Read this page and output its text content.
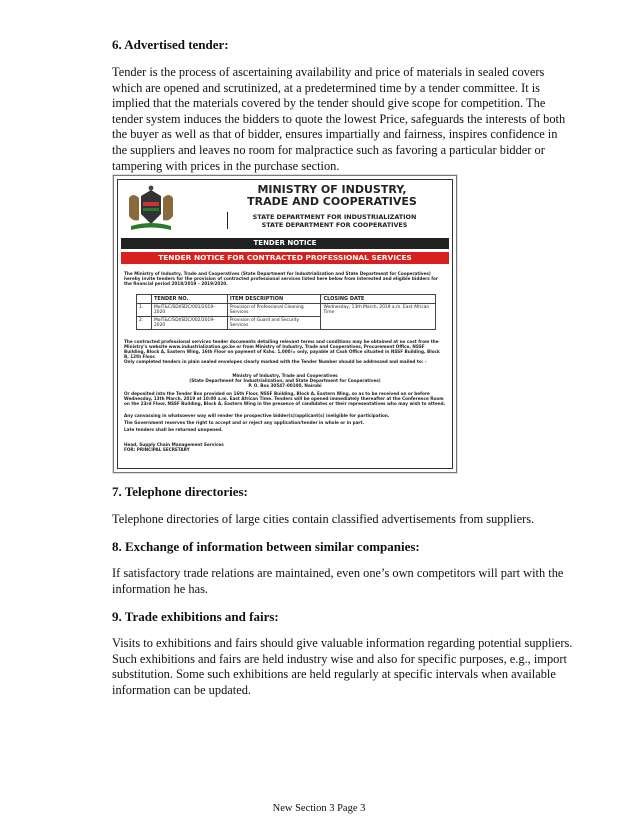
6. Advertised tender:

Tender is the process of ascertaining availability and price of materials in sealed covers which are opened and scrutinized, at a predetermined time by a tender committee. It is implied that the materials covered by the tender should give scope for competition. The tender system induces the bidders to quote the lowest Price, safeguards the interests of both the buyer as well as that of bidder, ensures impartially and fairness, inspires confidence in the suppliers and leaves no room for malpractice such as favoring a particular bidder or tampering with prices in the purchase section.

MINISTRY OF INDUSTRY,
TRADE AND COOPERATIVES
STATE DEPARTMENT FOR INDUSTRIALIZATION
STATE DEPARTMENT FOR COOPERATIVES
TENDER NOTICE
TENDER NOTICE FOR CONTRACTED PROFESSIONAL SERVICES

The Ministry of Industry, Trade and Cooperatives (State Department for Industrialization and State Department for Cooperatives) hereby invite tenders for the provision of contracted professional services listed here below from interested and eligible bidders for the financial period 2018/2019 – 2019/2020.

	TENDER NO.	ITEM DESCRIPTION	CLOSING DATE
1.	MoIT&C/SDI/SDC/001/2019-2020	Provision of Professional Cleaning Services	Wednesday, 13th March, 2019 a.m. East African Time
2.	MoIT&C/SDI/SDC/002/2019-2020	Provision of Guard and Security Services	

The contracted professional services tender documents detailing relevant terms and conditions may be obtained at no cost from the Ministry’s website www.industrialization.go.ke or from Ministry of Industry, Trade and Cooperatives, Procurement Office, NSSF Building, Block A, Eastern Wing, 16th Floor on payment of Kshs. 1,000/= only, payable at Cash Office situated in NSSF Building, Block B, 12th Floor.

Only completed tenders in plain sealed envelopes clearly marked with the Tender Number should be addressed and mailed to: -

Ministry of Industry, Trade and Cooperatives
(State Department for Industrialization, and State Department for Cooperatives)
P. O. Box 30547-00100, Nairobi

Or deposited into the Tender Box provided on 16th Floor, NSSF Building, Block A, Eastern Wing, so as to be received on or before Wednesday, 13th March, 2019 at 10:00 a.m. East African Time. Tenders will be opened immediately thereafter at the Conference Room on the 23rd Floor, NSSF Building, Block A, Eastern Wing in the presence of candidates or their representatives who may wish to attend.

Any canvassing in whatsoever way will render the prospective bidder(s)/applicant(s) ineligible for participation.

The Government reserves the right to accept and or reject any application/tender in whole or in part.

Late tenders shall be returned unopened.

Head, Supply Chain Management Services
FOR: PRINCIPAL SECRETARY
7. Telephone directories:

Telephone directories of large cities contain classified advertisements from suppliers.

8. Exchange of information between similar companies:

If satisfactory trade relations are maintained, even one’s own competitors will part with the information he has.

9. Trade exhibitions and fairs:

Visits to exhibitions and fairs should give valuable information regarding potential suppliers. Such exhibitions and fairs are held industry wise and also for specific purposes, e.g., import substitution. Some such exhibitions are held regularly at specific intervals when available information can be updated.

New Section 3 Page 3
